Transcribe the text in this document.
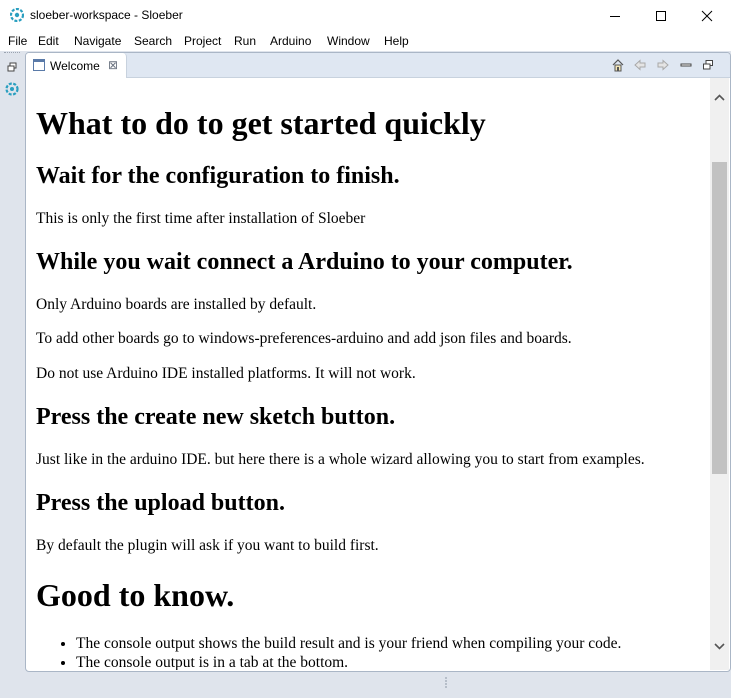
sloeber-workspace - Sloeber
File Edit Navigate Search Project Run Arduino Window Help
Welcome ⊠
What to do to get started quickly
Wait for the configuration to finish.

This is only the first time after installation of Sloeber

While you wait connect a Arduino to your computer.

Only Arduino boards are installed by default.

To add other boards go to windows-preferences-arduino and add json files and boards.

Do not use Arduino IDE installed platforms. It will not work.

Press the create new sketch button.

Just like in the arduino IDE. but here there is a whole wizard allowing you to start from examples.

Press the upload button.

By default the plugin will ask if you want to build first.

Good to know.
• The console output shows the build result and is your friend when compiling your code.
• The console output is in a tab at the bottom.
